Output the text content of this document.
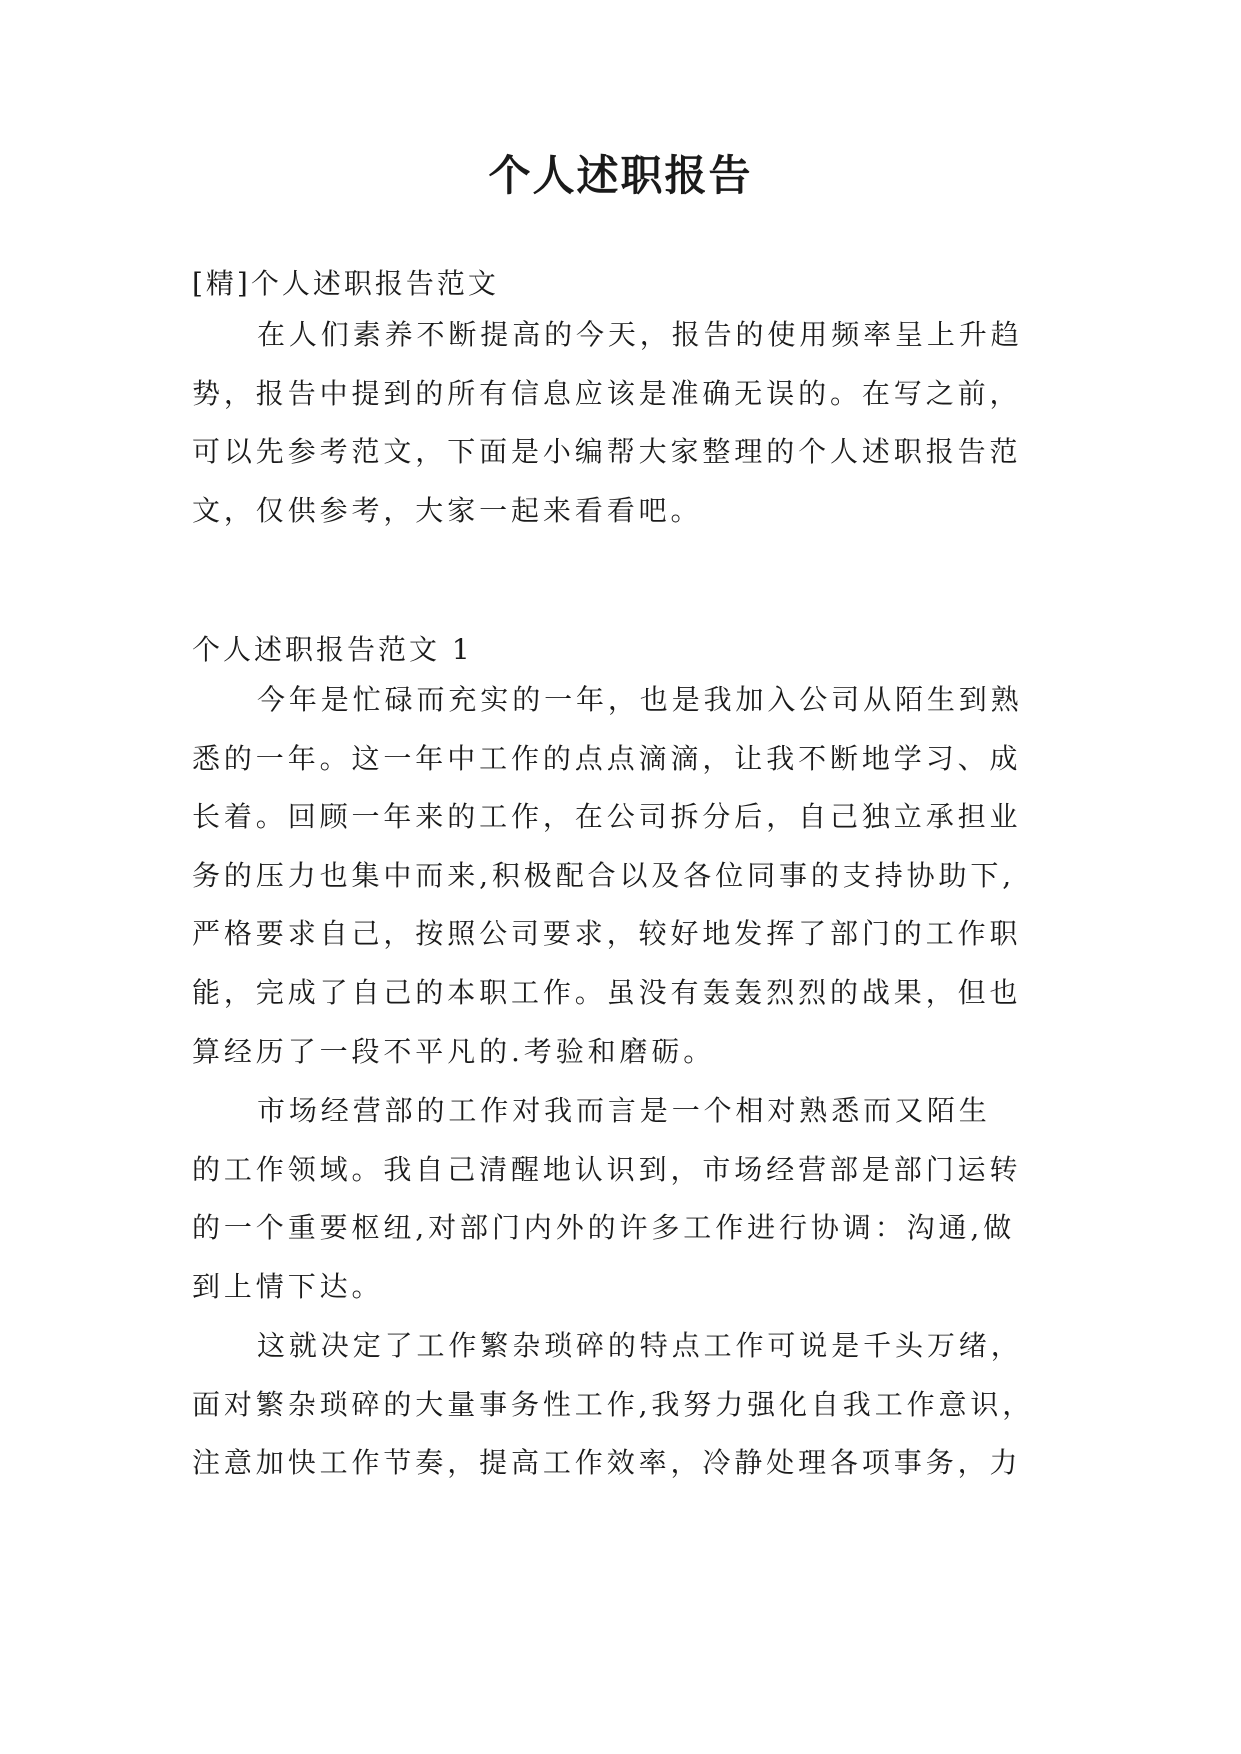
个人述职报告
[精]个人述职报告范文
在人们素养不断提高的今天，报告的使用频率呈上升趋
势，报告中提到的所有信息应该是准确无误的。在写之前，
可以先参考范文，下面是小编帮大家整理的个人述职报告范
文，仅供参考，大家一起来看看吧。
个人述职报告范文 1
今年是忙碌而充实的一年，也是我加入公司从陌生到熟
悉的一年。这一年中工作的点点滴滴，让我不断地学习、成
长着。回顾一年来的工作，在公司拆分后，自己独立承担业
务的压力也集中而来,积极配合以及各位同事的支持协助下,
严格要求自己，按照公司要求，较好地发挥了部门的工作职
能，完成了自己的本职工作。虽没有轰轰烈烈的战果，但也
算经历了一段不平凡的.考验和磨砺。
市场经营部的工作对我而言是一个相对熟悉而又陌生
的工作领域。我自己清醒地认识到，市场经营部是部门运转
的一个重要枢纽,对部门内外的许多工作进行协调：沟通,做
到上情下达。
这就决定了工作繁杂琐碎的特点工作可说是千头万绪，
面对繁杂琐碎的大量事务性工作,我努力强化自我工作意识，
注意加快工作节奏，提高工作效率，冷静处理各项事务，力
